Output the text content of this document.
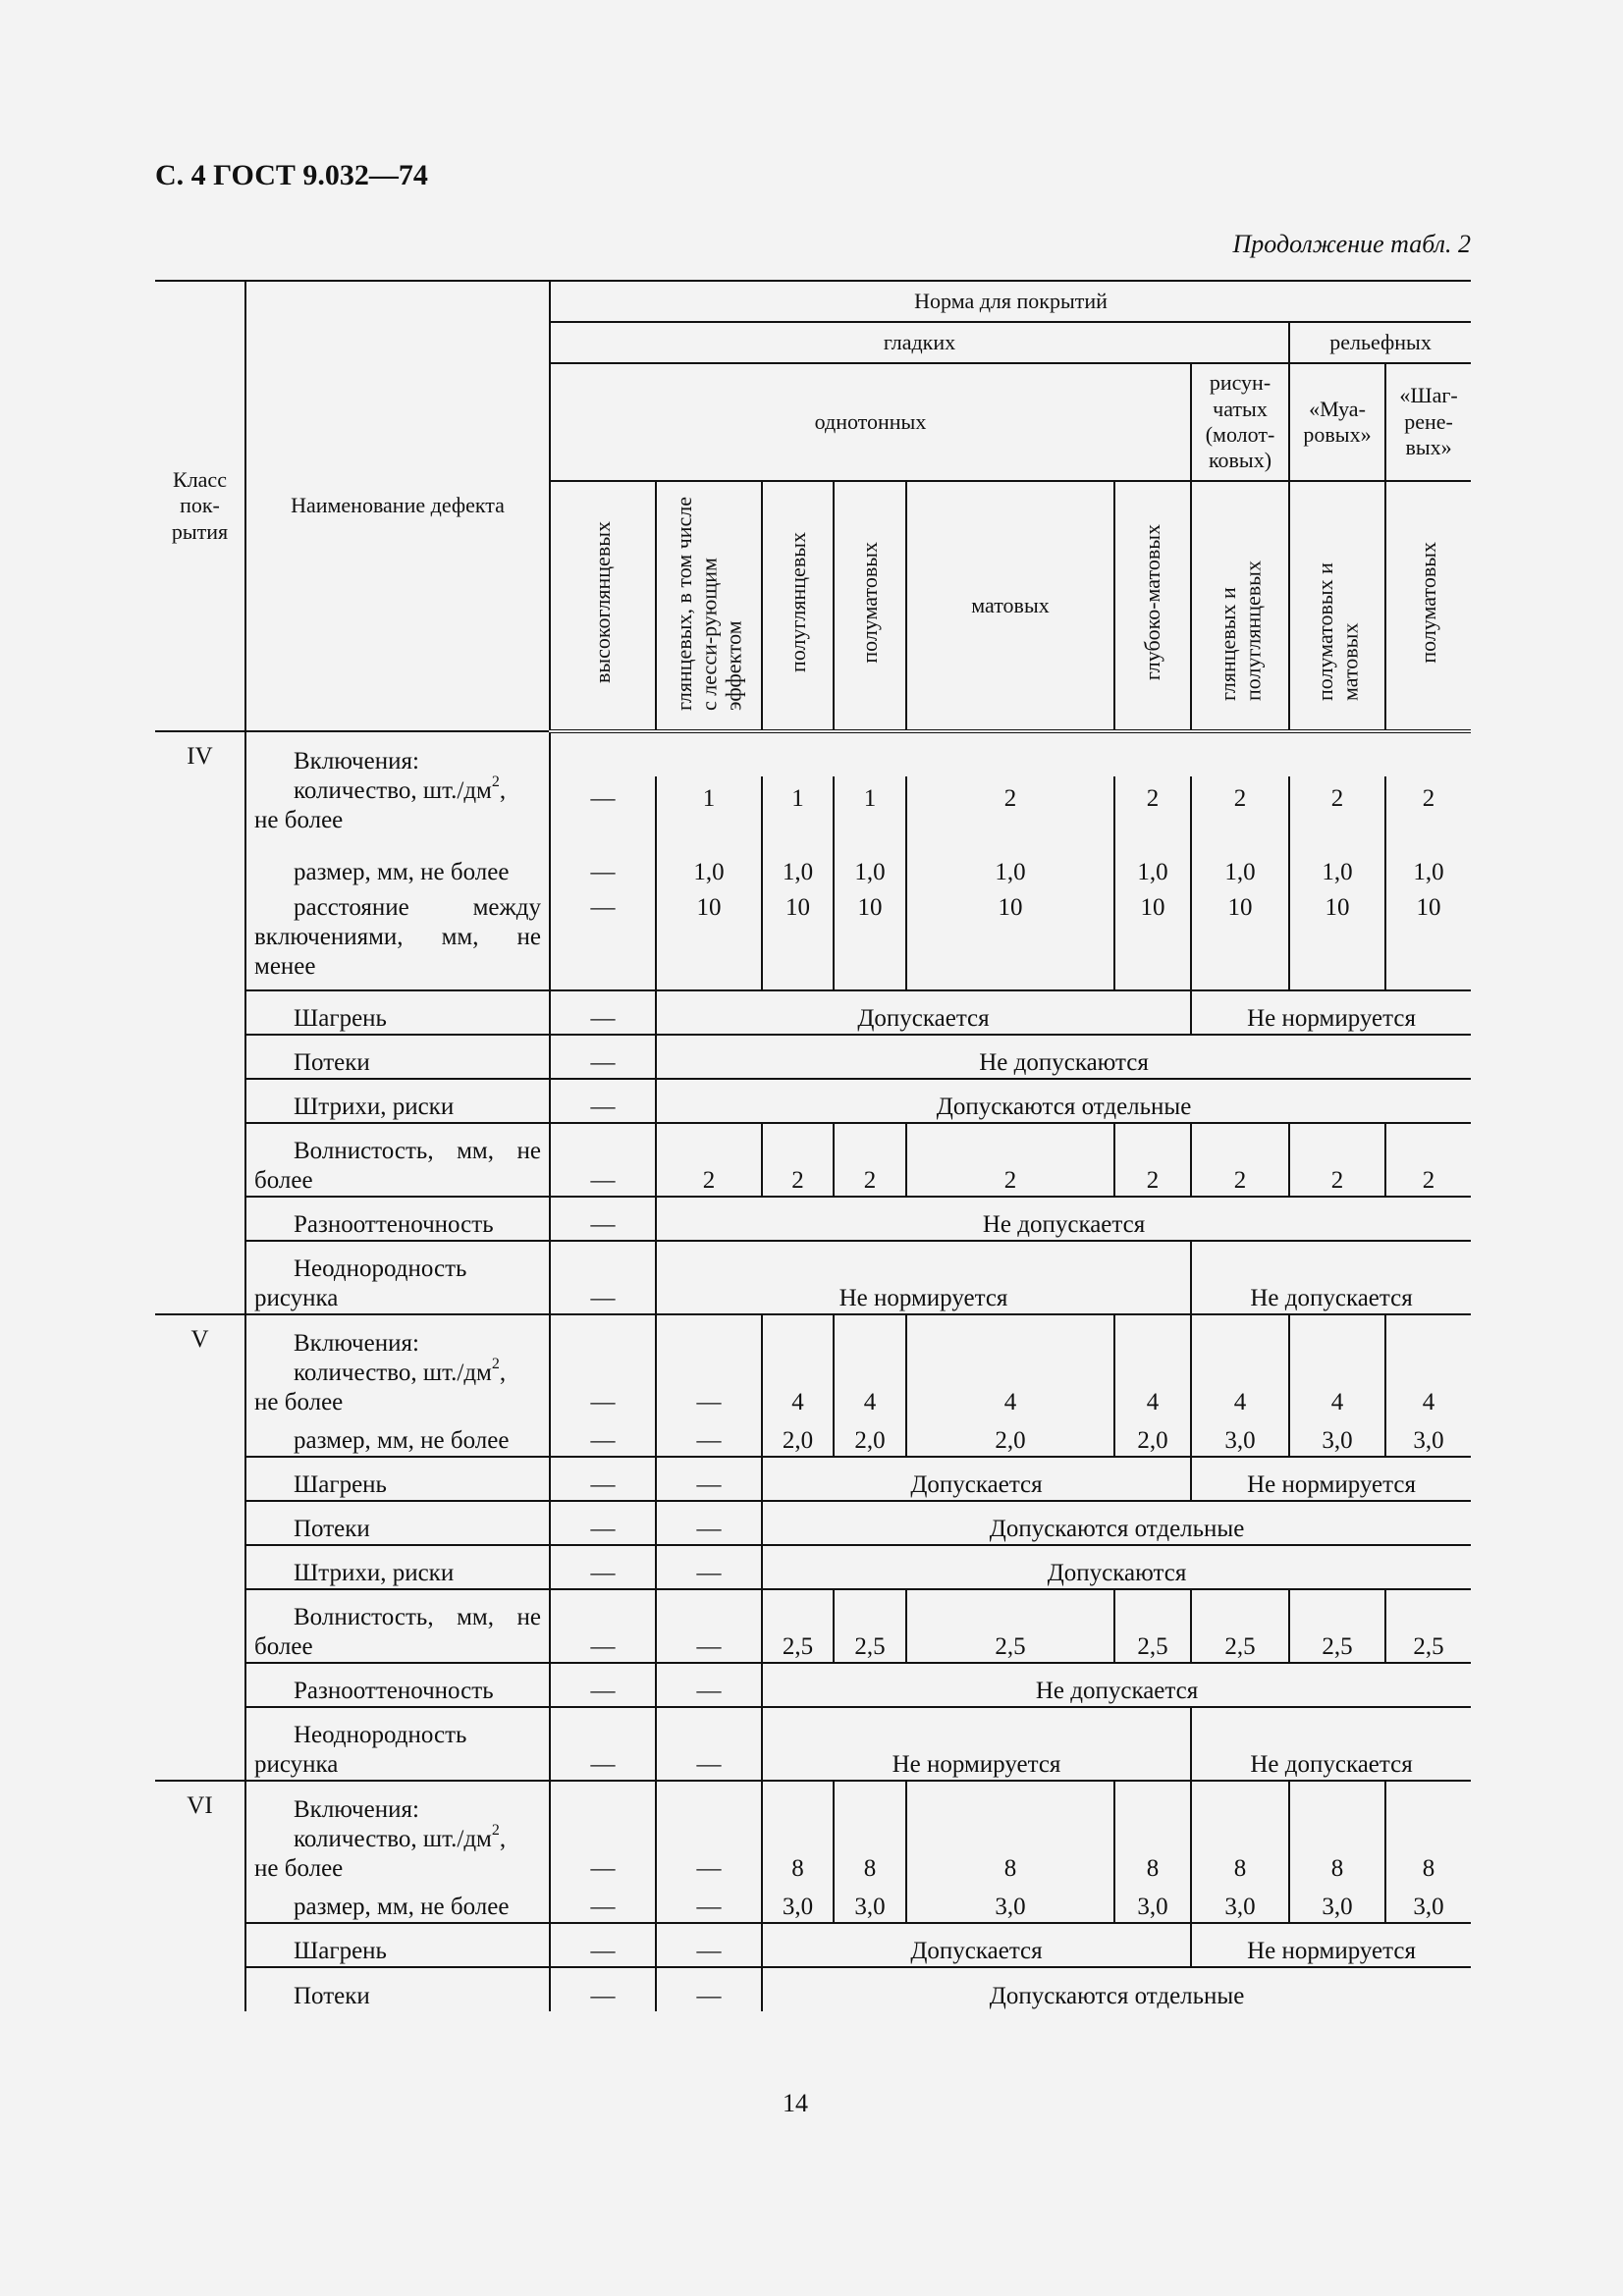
С. 4 ГОСТ 9.032—74
Продолжение табл. 2
Класс пок-рытия	Наименование дефекта	Норма для покрытий								
		гладких							рельефных	
		однотонных						рисун-чатых (молот-ковых)	«Муа-ровых»	«Шаг-рене-вых»
		высокоглянцевых	глянцевых, в том числе с лесси-рующим эффектом	полуглянцевых	полуматовых	матовых	глубоко-матовых	глянцевых и полуглянцевых	полуматовых и матовых	полуматовых
IV	Включения:									

	количество, $шт./дм^2$,
не более	—	1	1	1	2	2	2	2	2

	размер, мм, не более	—	1,0	1,0	1,0	1,0	1,0	1,0	1,0	1,0
	расстояние между включениями, мм, не менее	—	10	10	10	10	10	10	10	10

	Шагрень	—	Допускается					Не нормируется		

	Потеки	—	Не допускаются							

	Штрихи, риски	—	Допускаются отдельные							
	Волнистость, мм, не более	—	2	2	2	2	2	2	2	2

	Разнооттеночность	—	Не допускается							
	Неоднородность рисунка	—	Не нормируется					Не допускается		
V	Включения:									

	количество, $шт./дм^2$,
не более	—	—	4	4	4	4	4	4	4

	размер, мм, не более	—	—	2,0	2,0	2,0	2,0	3,0	3,0	3,0

	Шагрень	—	—	Допускается				Не нормируется		

	Потеки	—	—	Допускаются отдельные						

	Штрихи, риски	—	—	Допускаются						
	Волнистость, мм, не более	—	—	2,5	2,5	2,5	2,5	2,5	2,5	2,5

	Разнооттеночность	—	—	Не допускается						
	Неоднородность рисунка	—	—	Не нормируется				Не допускается		
VI	Включения:									

	количество, $шт./дм^2$,
не более	—	—	8	8	8	8	8	8	8

	размер, мм, не более	—	—	3,0	3,0	3,0	3,0	3,0	3,0	3,0

	Шагрень	—	—	Допускается				Не нормируется		

	Потеки	—	—	Допускаются отдельные						
14
